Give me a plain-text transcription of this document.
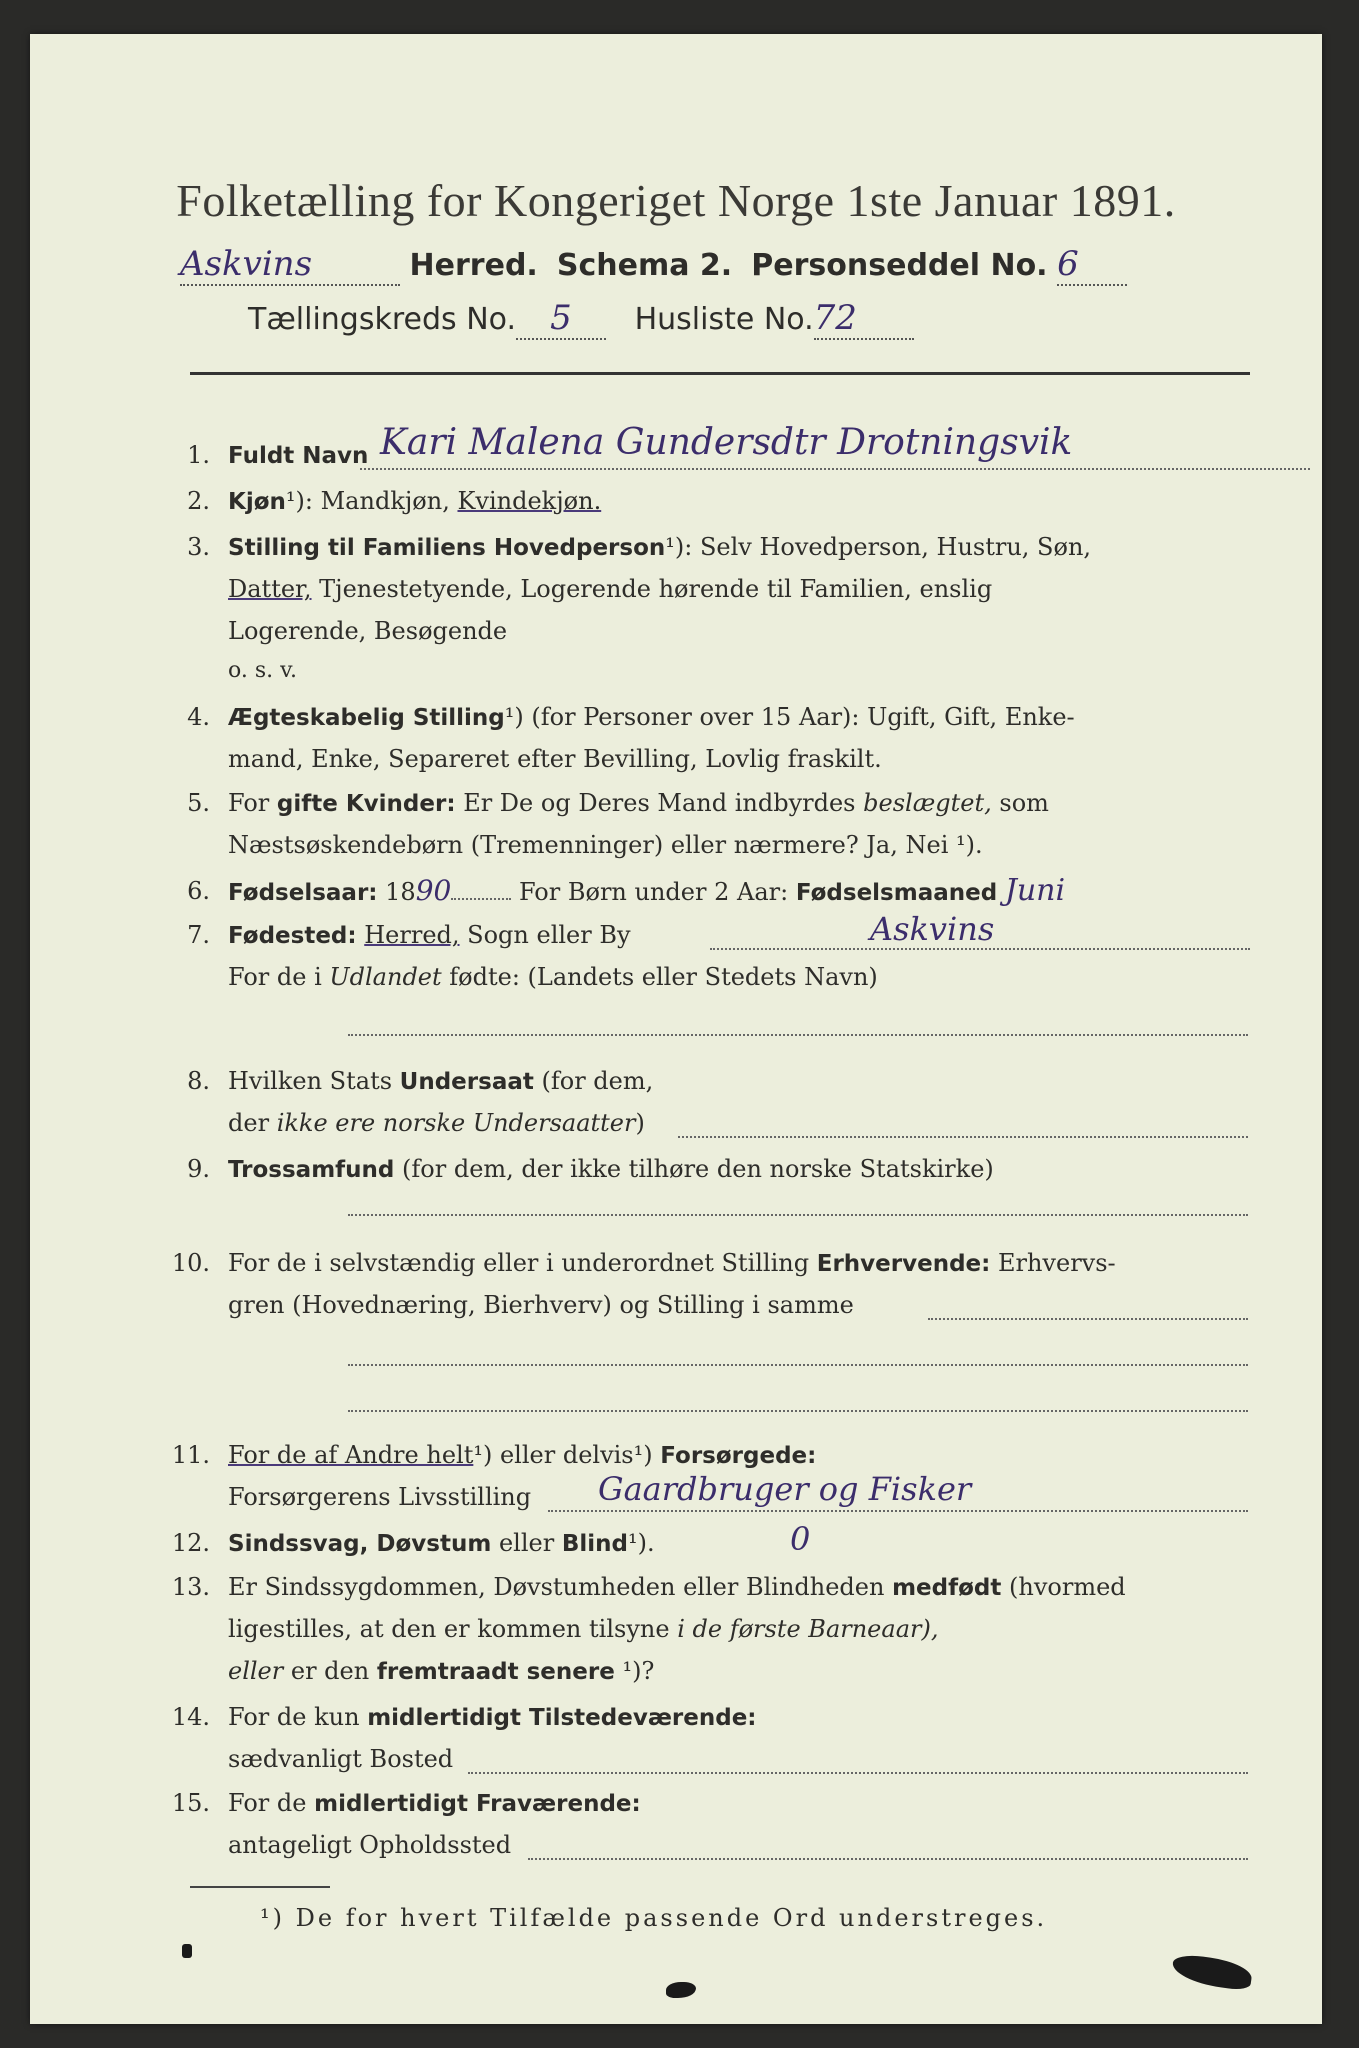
Folketælling for Kongeriget Norge 1ste Januar 1891.
Askvins	Herred. Schema 2. Personseddel No. 6
Tællingskreds No. 5 Husliste No.72
1. Fuldt Navn Kari Malena Gundersdtr Drotningsvik
2. Kjøn¹): Mandkjøn, Kvindekjøn.
3. Stilling til Familiens Hovedperson¹): Selv Hovedperson, Hustru, Søn,
Datter, Tjenestetyende, Logerende hørende til Familien, enslig
Logerende, Besøgende
o. s. v.
4. Ægteskabelig Stilling¹) (for Personer over 15 Aar): Ugift, Gift, Enke-
mand, Enke, Separeret efter Bevilling, Lovlig fraskilt.
5. For gifte Kvinder: Er De og Deres Mand indbyrdes beslægtet, som
Næstsøskendebørn (Tremenninger) eller nærmere? Ja, Nei ¹).
6. Fødselsaar: 1890	For Børn under 2 Aar: Fødselsmaaned Juni
7. Fødested: Herred, Sogn eller By	Askvins
For de i Udlandet fødte: (Landets eller Stedets Navn)
8. Hvilken Stats Undersaat (for dem,
der ikke ere norske Undersaatter)
9. Trossamfund (for dem, der ikke tilhøre den norske Statskirke)
10. For de i selvstændig eller i underordnet Stilling Erhvervende: Erhvervs-
gren (Hovednæring, Bierhverv) og Stilling i samme
11. For de af Andre helt¹) eller delvis¹) Forsørgede:
Forsørgerens Livsstilling Gaardbruger og Fisker
12. Sindssvag, Døvstum eller Blind¹).	0
13. Er Sindssygdommen, Døvstumheden eller Blindheden medfødt (hvormed
ligestilles, at den er kommen tilsyne i de første Barneaar),
eller er den fremtraadt senere ¹)?
14. For de kun midlertidigt Tilstedeværende:
sædvanligt Bosted
15. For de midlertidigt Fraværende:
antageligt Opholdssted
¹) De for hvert Tilfælde passende Ord understreges.
